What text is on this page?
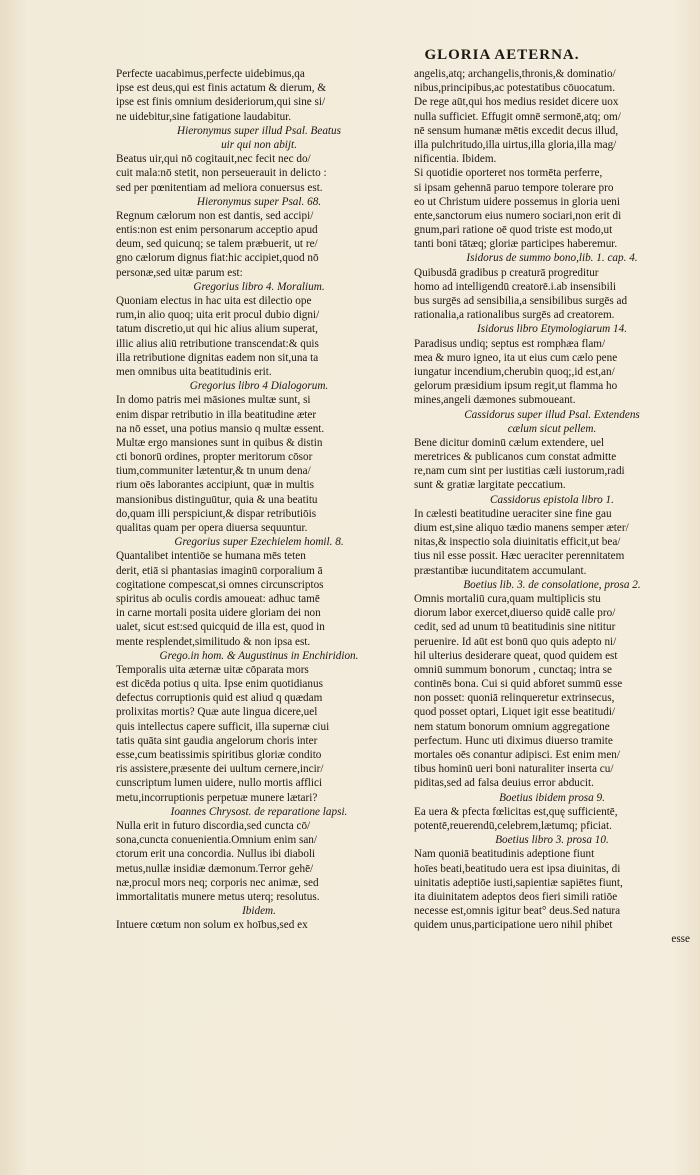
GLORIA AETERNA.
Perfecte uacabimus,perfecte uidebimus,qa
ipse est deus,qui est finis actatum & dierum, &
ipse est finis omnium desideriorum,qui sine si/
ne uidebitur,sine fatigatione laudabitur.
Hieronymus super illud Psal. Beatus
uir qui non abijt.
Beatus uir,qui nō cogitauit,nec fecit nec do/
cuit mala:nō stetit, non perseuerauit in delicto :
sed per pœnitentiam ad meliora conuersus est.
Hieronymus super Psal. 68.
Regnum cælorum non est dantis, sed accipi/
entis:non est enim personarum acceptio apud
deum, sed quicunq; se talem præbuerit, ut re/
gno cælorum dignus fiat:hic accipiet,quod nō
personæ,sed uitæ parum est:
Gregorius libro 4. Moralium.
Quoniam electus in hac uita est dilectio ope
rum,in alio quoq; uita erit procul dubio digni/
tatum discretio,ut qui hic alius alium superat,
illic alius aliū retributione transcendat:& quis
illa retributione dignitas eadem non sit,una ta
men omnibus uita beatitudinis erit.
Gregorius libro 4 Dialogorum.
In domo patris mei māsiones multæ sunt, si
enim dispar retributio in illa beatitudine æter
na nō esset, una potius mansio q multæ essent.
Multæ ergo mansiones sunt in quibus & distin
cti bonorū ordines, propter meritorum cōsor
tium,communiter lætentur,& tn unum dena/
rium oēs laborantes accipiunt, quæ in multis
mansionibus distinguūtur, quia & una beatitu
do,quam illi perspiciunt,& dispar retributiōis
qualitas quam per opera diuersa sequuntur.
Gregorius super Ezechielem homil. 8.
Quantalibet intentiōe se humana mēs teten
derit, etiā si phantasias imaginū corporalium ā
cogitatione compescat,si omnes circunscriptos
spiritus ab oculis cordis amoueat: adhuc tamē
in carne mortali posita uidere gloriam dei non
ualet, sicut est:sed quicquid de illa est, quod in
mente resplendet,similitudo & non ipsa est.
Grego.in hom. & Augustinus in Enchiridion.
Temporalis uita æternæ uitæ cōparata mors
est dicēda potius q uita. Ipse enim quotidianus
defectus corruptionis quid est aliud q quædam
prolixitas mortis? Quæ aute lingua dicere,uel
quis intellectus capere sufficit, illa supernæ ciui
tatis quāta sint gaudia angelorum choris inter
esse,cum beatissimis spiritibus gloriæ condito
ris assistere,præsente dei uultum cernere,incir/
cunscriptum lumen uidere, nullo mortis afflici
metu,incorruptionis perpetuæ munere lætari?
Ioannes Chrysost. de reparatione lapsi.
Nulla erit in futuro discordia,sed cuncta cō/
sona,cuncta conuenientia.Omnium enim san/
ctorum erit una concordia. Nullus ibi diaboli
metus,nullæ insidiæ dæmonum.Terror gehē/
næ,procul mors neq; corporis nec animæ, sed
immortalitatis munere metus uterq; resolutus.
Ibidem.
Intuere cœtum non solum ex hoībus,sed ex
angelis,atq; archangelis,thronis,& dominatio/
nibus,principibus,ac potestatibus cōuocatum.
De rege aūt,qui hos medius residet dicere uox
nulla sufficiet. Effugit omnē sermonē,atq; om/
nē sensum humanæ mētis excedit decus illud,
illa pulchritudo,illa uirtus,illa gloria,illa mag/
nificentia. Ibidem.
Si quotidie oporteret nos tormēta perferre,
si ipsam gehennā paruo tempore tolerare pro
eo ut Christum uidere possemus in gloria ueni
ente,sanctorum eius numero sociari,non erit di
gnum,pari ratione oē quod triste est modo,ut
tanti boni tātæq; gloriæ participes haberemur.
Isidorus de summo bono,lib. 1. cap. 4.
Quibusdā gradibus p creaturā progreditur
homo ad intelligendū creatorē.i.ab insensibili
bus surgēs ad sensibilia,a sensibilibus surgēs ad
rationalia,a rationalibus surgēs ad creatorem.
Isidorus libro Etymologiarum 14.
Paradisus undiq; septus est romphæa flam/
mea & muro igneo, ita ut eius cum cælo pene
iungatur incendium,cherubin quoq;,id est,an/
gelorum præsidium ipsum regit,ut flamma ho
mines,angeli dæmones submoueant.
Cassidorus super illud Psal. Extendens
cælum sicut pellem.
Bene dicitur dominū cælum extendere, uel
meretrices & publicanos cum constat admitte
re,nam cum sint per iustitias cæli iustorum,radi
sunt & gratiæ largitate peccatium.
Cassidorus epistola libro 1.
In cælesti beatitudine ueraciter sine fine gau
dium est,sine aliquo tædio manens semper æter/
nitas,& inspectio sola diuinitatis efficit,ut bea/
tius nil esse possit. Hæc ueraciter perennitatem
præstantibæ iucunditatem accumulant.
Boetius lib. 3. de consolatione, prosa 2.
Omnis mortaliū cura,quam multiplicis stu
diorum labor exercet,diuerso quidē calle pro/
cedit, sed ad unum tū beatitudinis sine nititur
peruenire. Id aūt est bonū quo quis adepto ni/
hil ulterius desiderare queat, quod quidem est
omniū summum bonorum , cunctaq; intra se
continēs bona. Cui si quid abforet summū esse
non posset: quoniā relinqueretur extrinsecus,
quod posset optari, Liquet igit esse beatitudi/
nem statum bonorum omnium aggregatione
perfectum. Hunc uti diximus diuerso tramite
mortales oēs conantur adipisci. Est enim men/
tibus hominū ueri boni naturaliter inserta cu/
piditas,sed ad falsa deuius error abducit.
Boetius ibidem prosa 9.
Ea uera & pfecta fœlicitas est,quę sufficientē,
potentē,reuerendū,celebrem,lætumq; pficiat.
Boetius libro 3. prosa 10.
Nam quoniā beatitudinis adeptione fiunt
hoīes beati,beatitudo uera est ipsa diuinitas, di
uinitatis adeptiōe iusti,sapientiæ sapiētes fiunt,
ita diuinitatem adeptos deos fieri simili ratiōe
necesse est,omnis igitur beat° deus.Sed natura
quidem unus,participatione uero nihil phibet
esse
